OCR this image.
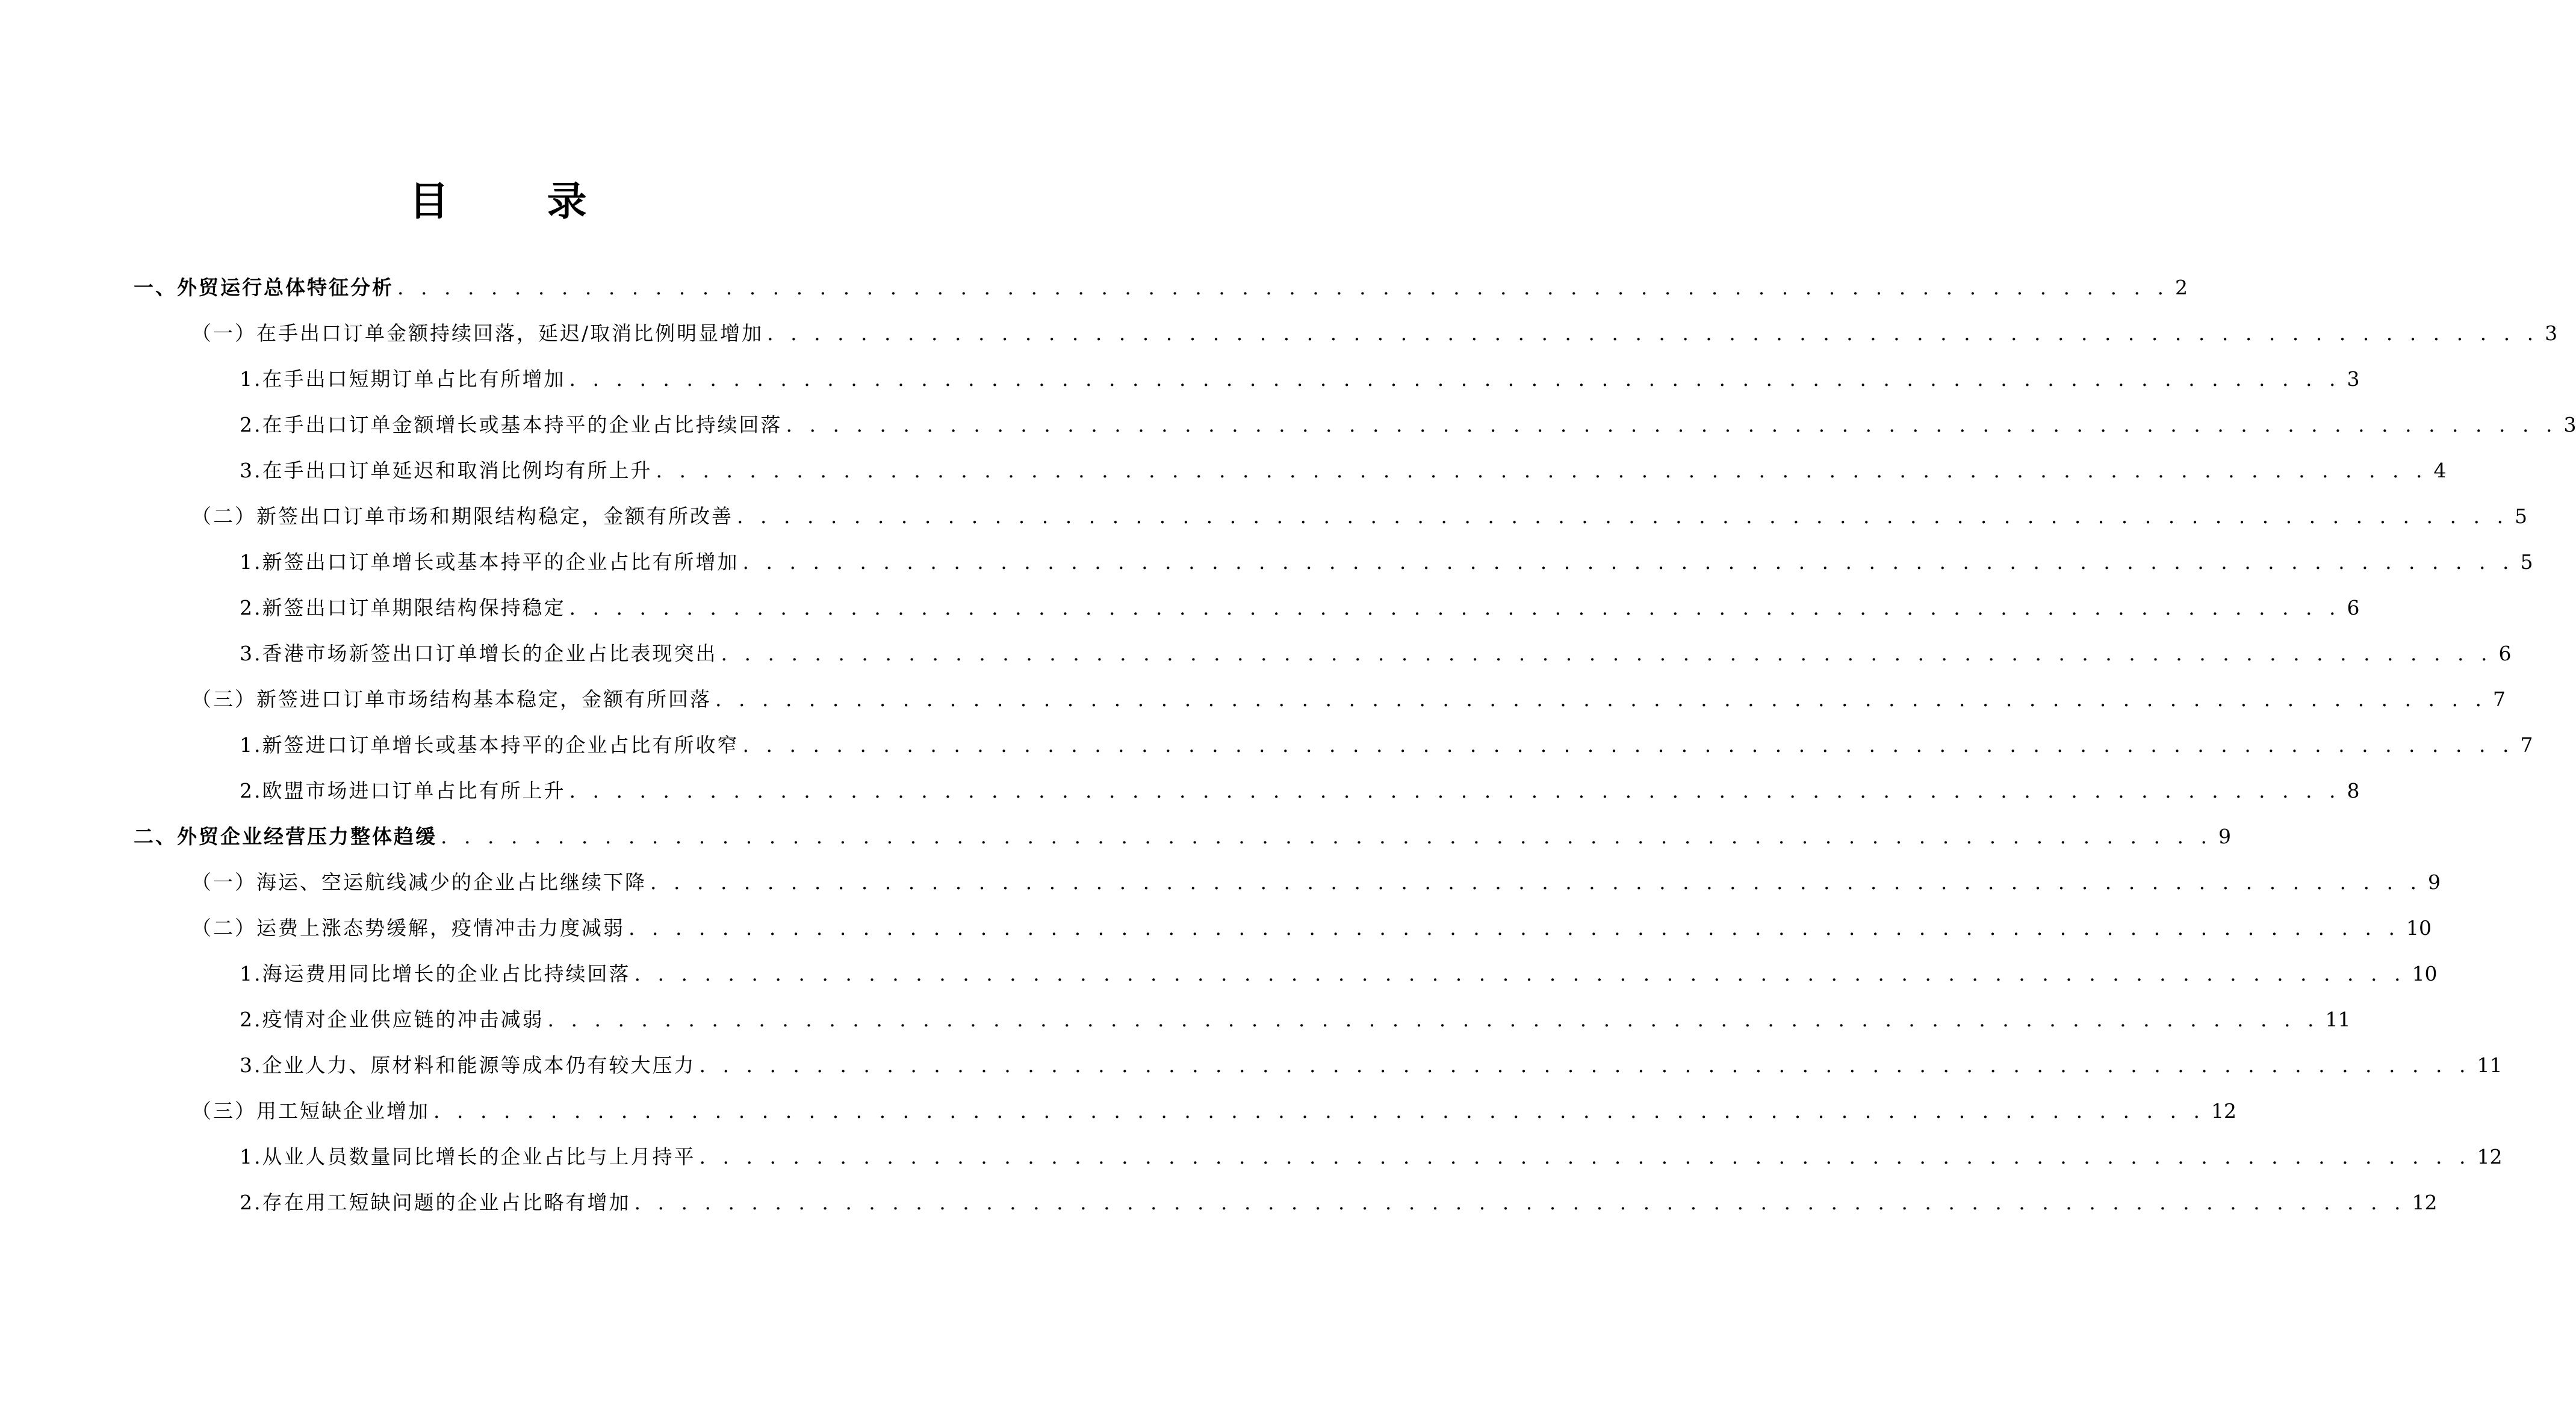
目 录
一、外贸运行总体特征分析 . . . . . . . . . . . . . . . . . . . . . . . . . . . . . . . . . . . . . . . . . . . . . . . . . . . . . . . . . . . . . . . . . . . . . . . . . . . . 2
（一）在手出口订单金额持续回落，延迟/取消比例明显增加 . . . . . . . . . . . . . . . . . . . . . . . . . . . . . . . . . . . . . . . . . . . . . . . . . . . . . . . . . . . . . . . . . . . . . . . . . . . . 3
1.在手出口短期订单占比有所增加 . . . . . . . . . . . . . . . . . . . . . . . . . . . . . . . . . . . . . . . . . . . . . . . . . . . . . . . . . . . . . . . . . . . . . . . . . . . . 3
2.在手出口订单金额增长或基本持平的企业占比持续回落 . . . . . . . . . . . . . . . . . . . . . . . . . . . . . . . . . . . . . . . . . . . . . . . . . . . . . . . . . . . . . . . . . . . . . . . . . . . . 3
3.在手出口订单延迟和取消比例均有所上升 . . . . . . . . . . . . . . . . . . . . . . . . . . . . . . . . . . . . . . . . . . . . . . . . . . . . . . . . . . . . . . . . . . . . . . . . . . . . 4
（二）新签出口订单市场和期限结构稳定，金额有所改善 . . . . . . . . . . . . . . . . . . . . . . . . . . . . . . . . . . . . . . . . . . . . . . . . . . . . . . . . . . . . . . . . . . . . . . . . . . . . 5
1.新签出口订单增长或基本持平的企业占比有所增加 . . . . . . . . . . . . . . . . . . . . . . . . . . . . . . . . . . . . . . . . . . . . . . . . . . . . . . . . . . . . . . . . . . . . . . . . . . . . 5
2.新签出口订单期限结构保持稳定 . . . . . . . . . . . . . . . . . . . . . . . . . . . . . . . . . . . . . . . . . . . . . . . . . . . . . . . . . . . . . . . . . . . . . . . . . . . . 6
3.香港市场新签出口订单增长的企业占比表现突出 . . . . . . . . . . . . . . . . . . . . . . . . . . . . . . . . . . . . . . . . . . . . . . . . . . . . . . . . . . . . . . . . . . . . . . . . . . . . 6
（三）新签进口订单市场结构基本稳定，金额有所回落 . . . . . . . . . . . . . . . . . . . . . . . . . . . . . . . . . . . . . . . . . . . . . . . . . . . . . . . . . . . . . . . . . . . . . . . . . . . . 7
1.新签进口订单增长或基本持平的企业占比有所收窄 . . . . . . . . . . . . . . . . . . . . . . . . . . . . . . . . . . . . . . . . . . . . . . . . . . . . . . . . . . . . . . . . . . . . . . . . . . . . 7
2.欧盟市场进口订单占比有所上升 . . . . . . . . . . . . . . . . . . . . . . . . . . . . . . . . . . . . . . . . . . . . . . . . . . . . . . . . . . . . . . . . . . . . . . . . . . . . 8
二、外贸企业经营压力整体趋缓 . . . . . . . . . . . . . . . . . . . . . . . . . . . . . . . . . . . . . . . . . . . . . . . . . . . . . . . . . . . . . . . . . . . . . . . . . . . . 9
（一）海运、空运航线减少的企业占比继续下降 . . . . . . . . . . . . . . . . . . . . . . . . . . . . . . . . . . . . . . . . . . . . . . . . . . . . . . . . . . . . . . . . . . . . . . . . . . . . 9
（二）运费上涨态势缓解，疫情冲击力度减弱 . . . . . . . . . . . . . . . . . . . . . . . . . . . . . . . . . . . . . . . . . . . . . . . . . . . . . . . . . . . . . . . . . . . . . . . . . . . . 10
1.海运费用同比增长的企业占比持续回落 . . . . . . . . . . . . . . . . . . . . . . . . . . . . . . . . . . . . . . . . . . . . . . . . . . . . . . . . . . . . . . . . . . . . . . . . . . . . 10
2.疫情对企业供应链的冲击减弱 . . . . . . . . . . . . . . . . . . . . . . . . . . . . . . . . . . . . . . . . . . . . . . . . . . . . . . . . . . . . . . . . . . . . . . . . . . . . 11
3.企业人力、原材料和能源等成本仍有较大压力 . . . . . . . . . . . . . . . . . . . . . . . . . . . . . . . . . . . . . . . . . . . . . . . . . . . . . . . . . . . . . . . . . . . . . . . . . . . . 11
（三）用工短缺企业增加 . . . . . . . . . . . . . . . . . . . . . . . . . . . . . . . . . . . . . . . . . . . . . . . . . . . . . . . . . . . . . . . . . . . . . . . . . . . . 12
1.从业人员数量同比增长的企业占比与上月持平 . . . . . . . . . . . . . . . . . . . . . . . . . . . . . . . . . . . . . . . . . . . . . . . . . . . . . . . . . . . . . . . . . . . . . . . . . . . . 12
2.存在用工短缺问题的企业占比略有增加 . . . . . . . . . . . . . . . . . . . . . . . . . . . . . . . . . . . . . . . . . . . . . . . . . . . . . . . . . . . . . . . . . . . . . . . . . . . . 12
